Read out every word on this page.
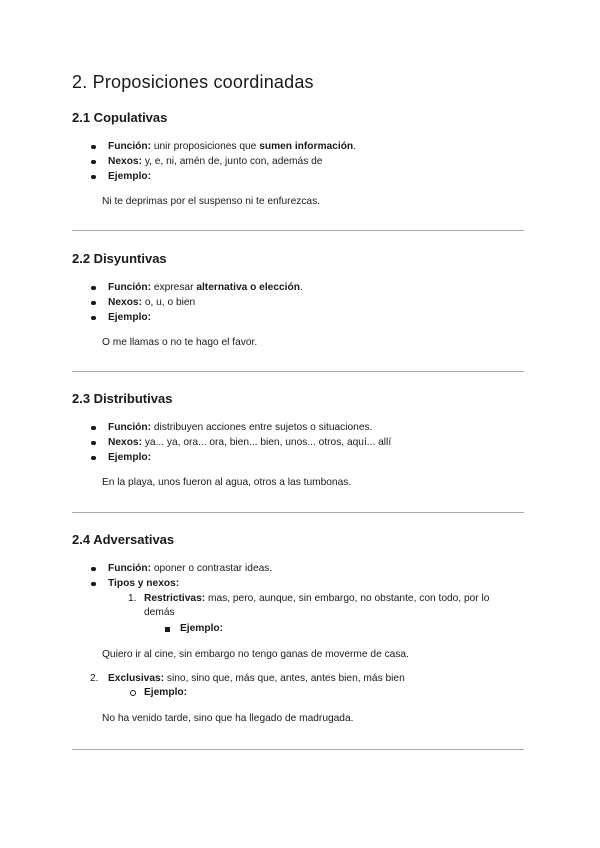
2. Proposiciones coordinadas
2.1 Copulativas
Función: unir proposiciones que sumen información.
Nexos: y, e, ni, amén de, junto con, además de
Ejemplo:
Ni te deprimas por el suspenso ni te enfurezcas.
2.2 Disyuntivas
Función: expresar alternativa o elección.
Nexos: o, u, o bien
Ejemplo:
O me llamas o no te hago el favor.
2.3 Distributivas
Función: distribuyen acciones entre sujetos o situaciones.
Nexos: ya... ya, ora... ora, bien... bien, unos... otros, aquí... allí
Ejemplo:
En la playa, unos fueron al agua, otros a las tumbonas.
2.4 Adversativas
Función: oponer o contrastar ideas.
Tipos y nexos:
1. Restrictivas: mas, pero, aunque, sin embargo, no obstante, con todo, por lo
demás
Ejemplo:
Quiero ir al cine, sin embargo no tengo ganas de moverme de casa.
2. Exclusivas: sino, sino que, más que, antes, antes bien, más bien
Ejemplo:
No ha venido tarde, sino que ha llegado de madrugada.
